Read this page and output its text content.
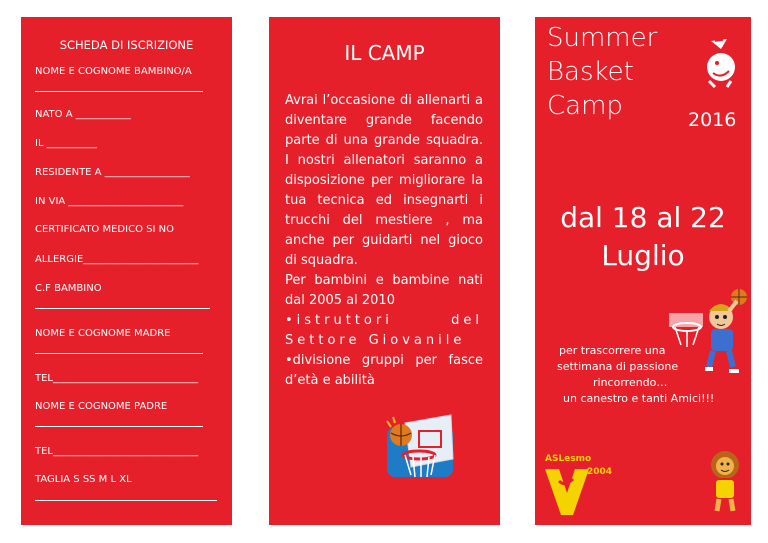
SCHEDA DI ISCRIZIONE
NOME E COGNOME BAMBINO/A
NATO A ___________
IL __________
RESIDENTE A _________________
IN VIA _______________________
CERTIFICATO MEDICO SI NO
ALLERGIE_______________________
C.F BAMBINO
NOME E COGNOME MADRE
TEL_____________________________
NOME E COGNOME PADRE
TEL_____________________________
TAGLIA S SS M L XL
IL CAMP

Avrai l’occasione di allenarti a diventare grande facendo parte di una grande squadra. I nostri allenatori saranno a disposizione per migliorare la tua tecnica ed insegnarti i trucchi del mestiere , ma anche per guidarti nel gioco di squadra.

Per bambini e bambine nati dal 2005 al 2010

•istruttori del Settore Giovanile

•divisione gruppi per fasce d’età e abilità

Summer
Basket
Camp	2016
dal 18 al 22
Luglio
per trascorrere una
settimana di passione
rincorrendo…
un canestro e tanti Amici!!!
ASLesmo
2004
